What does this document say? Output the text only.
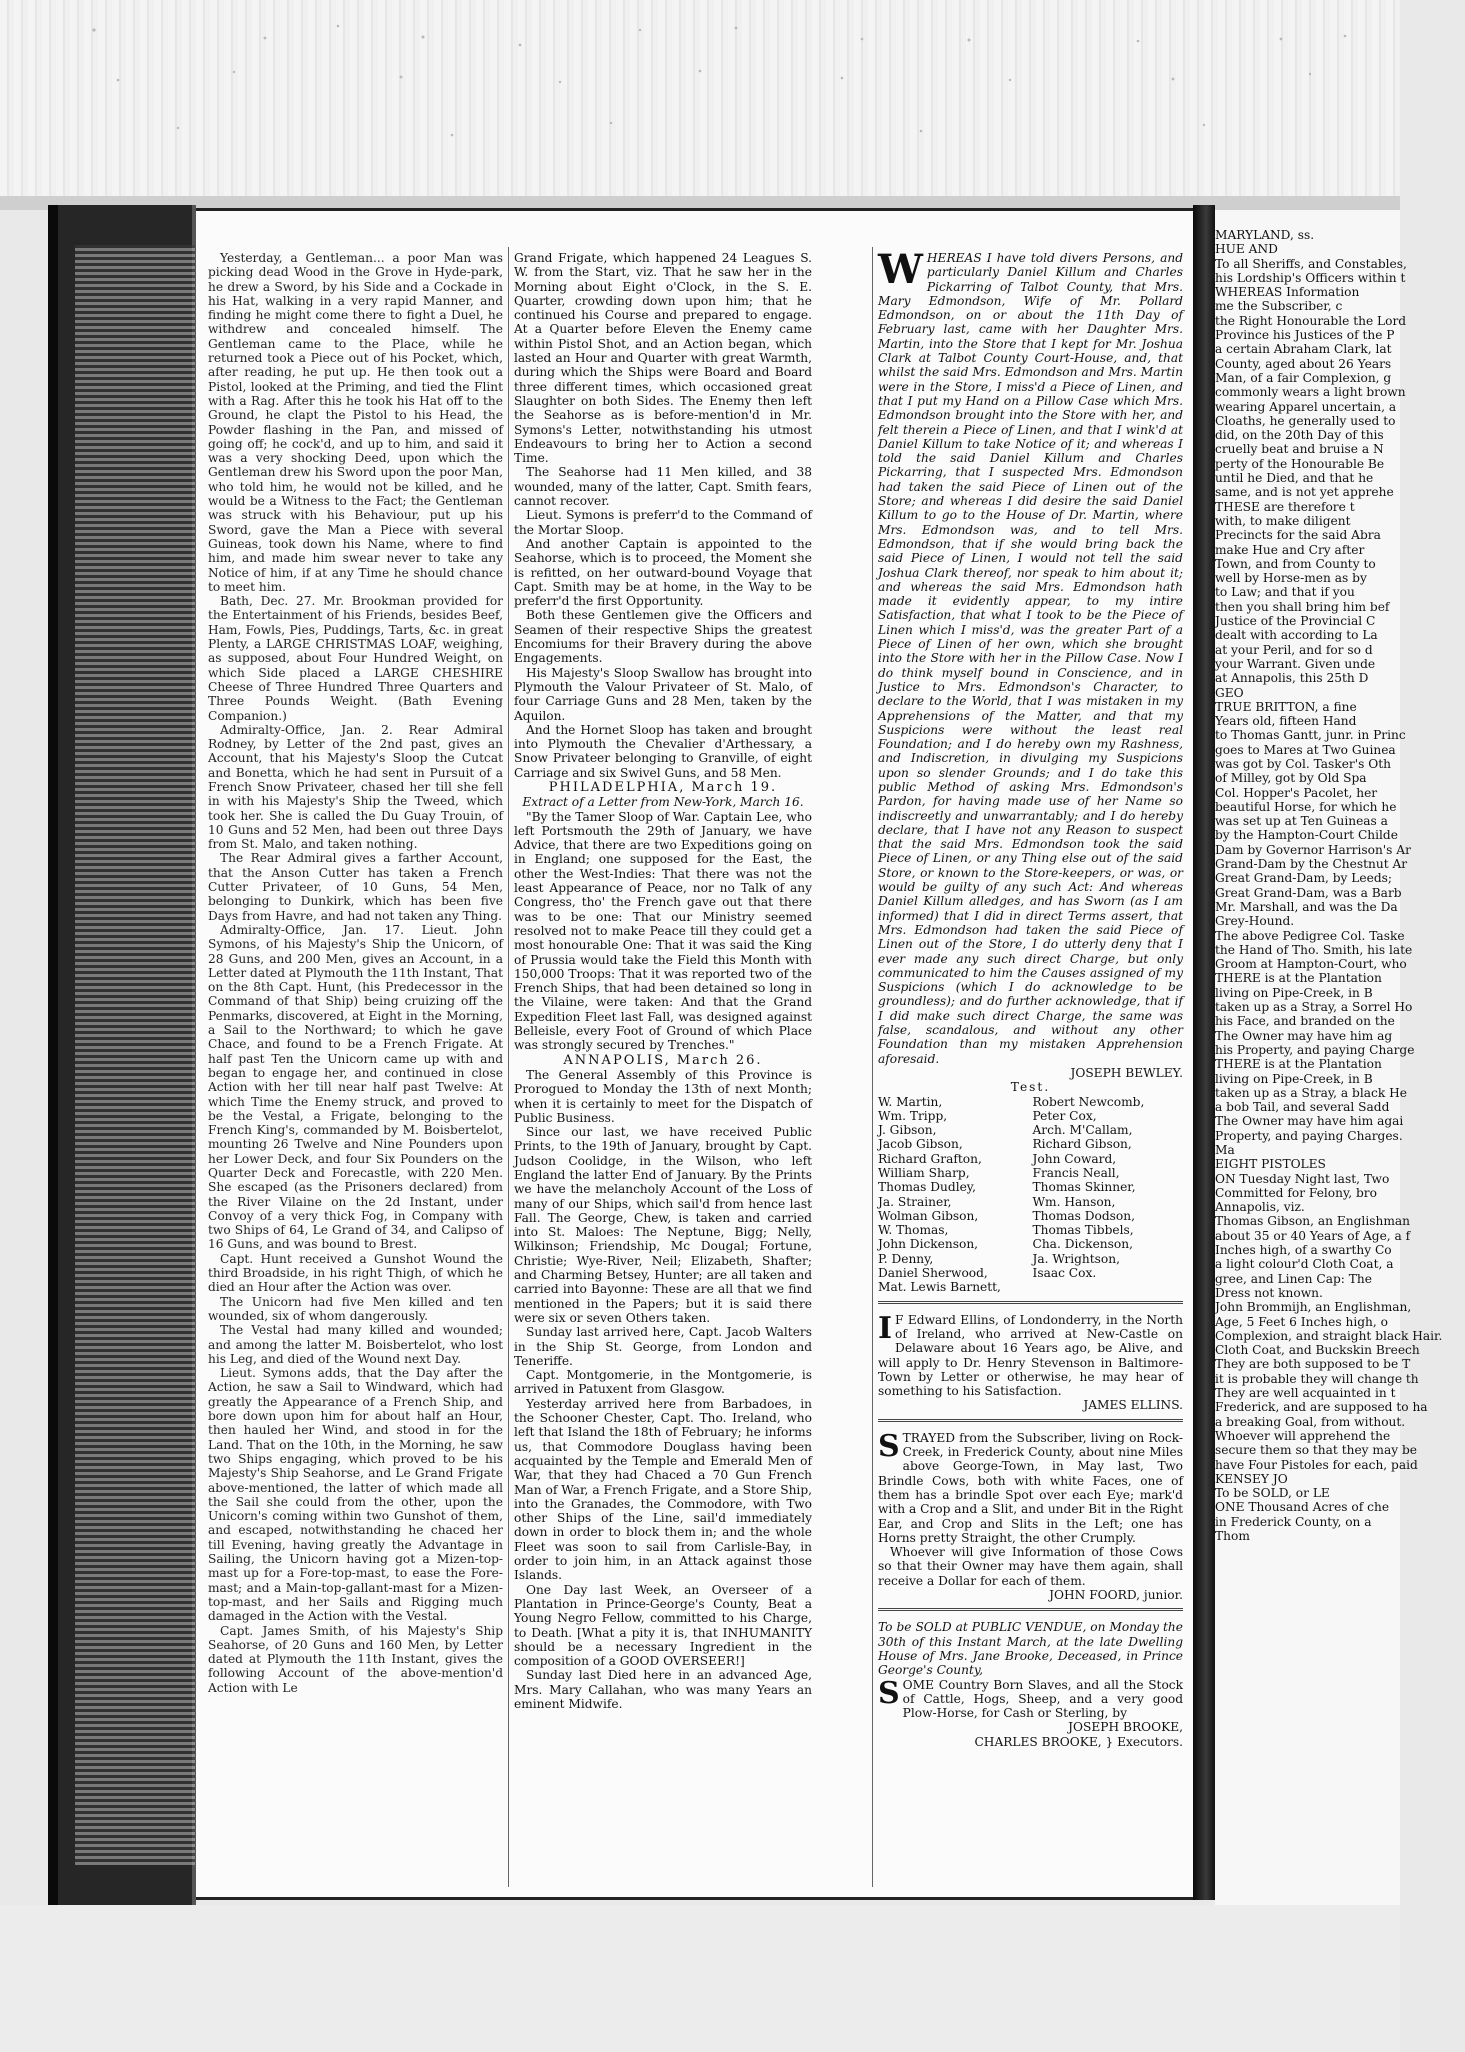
Yesterday, a Gentleman... a poor Man was picking dead Wood in the Grove in Hyde-park, he drew a Sword, by his Side and a Cockade in his Hat, walking in a very rapid Manner, and finding he might come there to fight a Duel, he withdrew and concealed himself. The Gentleman came to the Place, while he returned took a Piece out of his Pocket, which, after reading, he put up. He then took out a Pistol, looked at the Priming, and tied the Flint with a Rag. After this he took his Hat off to the Ground, he clapt the Pistol to his Head, the Powder flashing in the Pan, and missed of going off; he cock'd, and up to him, and said it was a very shocking Deed, upon which the Gentleman drew his Sword upon the poor Man, who told him, he would not be killed, and he would be a Witness to the Fact; the Gentleman was struck with his Behaviour, put up his Sword, gave the Man a Piece with several Guineas, took down his Name, where to find him, and made him swear never to take any Notice of him, if at any Time he should chance to meet him.

Bath, Dec. 27. Mr. Brookman provided for the Entertainment of his Friends, besides Beef, Ham, Fowls, Pies, Puddings, Tarts, &c. in great Plenty, a LARGE CHRISTMAS LOAF, weighing, as supposed, about Four Hundred Weight, on which Side placed a LARGE CHESHIRE Cheese of Three Hundred Three Quarters and Three Pounds Weight. (Bath Evening Companion.)

Admiralty-Office, Jan. 2. Rear Admiral Rodney, by Letter of the 2nd past, gives an Account, that his Majesty's Sloop the Cutcat and Bonetta, which he had sent in Pursuit of a French Snow Privateer, chased her till she fell in with his Majesty's Ship the Tweed, which took her. She is called the Du Guay Trouin, of 10 Guns and 52 Men, had been out three Days from St. Malo, and taken nothing.

The Rear Admiral gives a farther Account, that the Anson Cutter has taken a French Cutter Privateer, of 10 Guns, 54 Men, belonging to Dunkirk, which has been five Days from Havre, and had not taken any Thing.

Admiralty-Office, Jan. 17. Lieut. John Symons, of his Majesty's Ship the Unicorn, of 28 Guns, and 200 Men, gives an Account, in a Letter dated at Plymouth the 11th Instant, That on the 8th Capt. Hunt, (his Predecessor in the Command of that Ship) being cruizing off the Penmarks, discovered, at Eight in the Morning, a Sail to the Northward; to which he gave Chace, and found to be a French Frigate. At half past Ten the Unicorn came up with and began to engage her, and continued in close Action with her till near half past Twelve: At which Time the Enemy struck, and proved to be the Vestal, a Frigate, belonging to the French King's, commanded by M. Boisbertelot, mounting 26 Twelve and Nine Pounders upon her Lower Deck, and four Six Pounders on the Quarter Deck and Forecastle, with 220 Men. She escaped (as the Prisoners declared) from the River Vilaine on the 2d Instant, under Convoy of a very thick Fog, in Company with two Ships of 64, Le Grand of 34, and Calipso of 16 Guns, and was bound to Brest.

Capt. Hunt received a Gunshot Wound the third Broadside, in his right Thigh, of which he died an Hour after the Action was over.

The Unicorn had five Men killed and ten wounded, six of whom dangerously.

The Vestal had many killed and wounded; and among the latter M. Boisbertelot, who lost his Leg, and died of the Wound next Day.

Lieut. Symons adds, that the Day after the Action, he saw a Sail to Windward, which had greatly the Appearance of a French Ship, and bore down upon him for about half an Hour, then hauled her Wind, and stood in for the Land. That on the 10th, in the Morning, he saw two Ships engaging, which proved to be his Majesty's Ship Seahorse, and Le Grand Frigate above-mentioned, the latter of which made all the Sail she could from the other, upon the Unicorn's coming within two Gunshot of them, and escaped, notwithstanding he chaced her till Evening, having greatly the Advantage in Sailing, the Unicorn having got a Mizen-top-mast up for a Fore-top-mast, to ease the Fore-mast; and a Main-top-gallant-mast for a Mizen-top-mast, and her Sails and Rigging much damaged in the Action with the Vestal.

Capt. James Smith, of his Majesty's Ship Seahorse, of 20 Guns and 160 Men, by Letter dated at Plymouth the 11th Instant, gives the following Account of the above-mention'd Action with Le

Grand Frigate, which happened 24 Leagues S. W. from the Start, viz. That he saw her in the Morning about Eight o'Clock, in the S. E. Quarter, crowding down upon him; that he continued his Course and prepared to engage. At a Quarter before Eleven the Enemy came within Pistol Shot, and an Action began, which lasted an Hour and Quarter with great Warmth, during which the Ships were Board and Board three different times, which occasioned great Slaughter on both Sides. The Enemy then left the Seahorse as is before-mention'd in Mr. Symons's Letter, notwithstanding his utmost Endeavours to bring her to Action a second Time.

The Seahorse had 11 Men killed, and 38 wounded, many of the latter, Capt. Smith fears, cannot recover.

Lieut. Symons is preferr'd to the Command of the Mortar Sloop.

And another Captain is appointed to the Seahorse, which is to proceed, the Moment she is refitted, on her outward-bound Voyage that Capt. Smith may be at home, in the Way to be preferr'd the first Opportunity.

Both these Gentlemen give the Officers and Seamen of their respective Ships the greatest Encomiums for their Bravery during the above Engagements.

His Majesty's Sloop Swallow has brought into Plymouth the Valour Privateer of St. Malo, of four Carriage Guns and 28 Men, taken by the Aquilon.

And the Hornet Sloop has taken and brought into Plymouth the Chevalier d'Arthessary, a Snow Privateer belonging to Granville, of eight Carriage and six Swivel Guns, and 58 Men.

PHILADELPHIA, March 19.

Extract of a Letter from New-York, March 16.

"By the Tamer Sloop of War. Captain Lee, who left Portsmouth the 29th of January, we have Advice, that there are two Expeditions going on in England; one supposed for the East, the other the West-Indies: That there was not the least Appearance of Peace, nor no Talk of any Congress, tho' the French gave out that there was to be one: That our Ministry seemed resolved not to make Peace till they could get a most honourable One: That it was said the King of Prussia would take the Field this Month with 150,000 Troops: That it was reported two of the French Ships, that had been detained so long in the Vilaine, were taken: And that the Grand Expedition Fleet last Fall, was designed against Belleisle, every Foot of Ground of which Place was strongly secured by Trenches."

ANNAPOLIS, March 26.

The General Assembly of this Province is Prorogued to Monday the 13th of next Month; when it is certainly to meet for the Dispatch of Public Business.

Since our last, we have received Public Prints, to the 19th of January, brought by Capt. Judson Coolidge, in the Wilson, who left England the latter End of January. By the Prints we have the melancholy Account of the Loss of many of our Ships, which sail'd from hence last Fall. The George, Chew, is taken and carried into St. Maloes: The Neptune, Bigg; Nelly, Wilkinson; Friendship, Mc Dougal; Fortune, Christie; Wye-River, Neil; Elizabeth, Shafter; and Charming Betsey, Hunter; are all taken and carried into Bayonne: These are all that we find mentioned in the Papers; but it is said there were six or seven Others taken.

Sunday last arrived here, Capt. Jacob Walters in the Ship St. George, from London and Teneriffe.

Capt. Montgomerie, in the Montgomerie, is arrived in Patuxent from Glasgow.

Yesterday arrived here from Barbadoes, in the Schooner Chester, Capt. Tho. Ireland, who left that Island the 18th of February; he informs us, that Commodore Douglass having been acquainted by the Temple and Emerald Men of War, that they had Chaced a 70 Gun French Man of War, a French Frigate, and a Store Ship, into the Granades, the Commodore, with Two other Ships of the Line, sail'd immediately down in order to block them in; and the whole Fleet was soon to sail from Carlisle-Bay, in order to join him, in an Attack against those Islands.

One Day last Week, an Overseer of a Plantation in Prince-George's County, Beat a Young Negro Fellow, committed to his Charge, to Death. [What a pity it is, that INHUMANITY should be a necessary Ingredient in the composition of a GOOD OVERSEER!]

Sunday last Died here in an advanced Age, Mrs. Mary Callahan, who was many Years an eminent Midwife.

WHEREAS I have told divers Persons, and particularly Daniel Killum and Charles Pickarring of Talbot County, that Mrs. Mary Edmondson, Wife of Mr. Pollard Edmondson, on or about the 11th Day of February last, came with her Daughter Mrs. Martin, into the Store that I kept for Mr. Joshua Clark at Talbot County Court-House, and, that whilst the said Mrs. Edmondson and Mrs. Martin were in the Store, I miss'd a Piece of Linen, and that I put my Hand on a Pillow Case which Mrs. Edmondson brought into the Store with her, and felt therein a Piece of Linen, and that I wink'd at Daniel Killum to take Notice of it; and whereas I told the said Daniel Killum and Charles Pickarring, that I suspected Mrs. Edmondson had taken the said Piece of Linen out of the Store; and whereas I did desire the said Daniel Killum to go to the House of Dr. Martin, where Mrs. Edmondson was, and to tell Mrs. Edmondson, that if she would bring back the said Piece of Linen, I would not tell the said Joshua Clark thereof, nor speak to him about it; and whereas the said Mrs. Edmondson hath made it evidently appear, to my intire Satisfaction, that what I took to be the Piece of Linen which I miss'd, was the greater Part of a Piece of Linen of her own, which she brought into the Store with her in the Pillow Case. Now I do think myself bound in Conscience, and in Justice to Mrs. Edmondson's Character, to declare to the World, that I was mistaken in my Apprehensions of the Matter, and that my Suspicions were without the least real Foundation; and I do hereby own my Rashness, and Indiscretion, in divulging my Suspicions upon so slender Grounds; and I do take this public Method of asking Mrs. Edmondson's Pardon, for having made use of her Name so indiscreetly and unwarrantably; and I do hereby declare, that I have not any Reason to suspect that the said Mrs. Edmondson took the said Piece of Linen, or any Thing else out of the said Store, or known to the Store-keepers, or was, or would be guilty of any such Act: And whereas Daniel Killum alledges, and has Sworn (as I am informed) that I did in direct Terms assert, that Mrs. Edmondson had taken the said Piece of Linen out of the Store, I do utterly deny that I ever made any such direct Charge, but only communicated to him the Causes assigned of my Suspicions (which I do acknowledge to be groundless); and do further acknowledge, that if I did make such direct Charge, the same was false, scandalous, and without any other Foundation than my mistaken Apprehension aforesaid.

JOSEPH BEWLEY.

Test.

W. Martin,
Wm. Tripp,
J. Gibson,
Jacob Gibson,
Richard Grafton,
William Sharp,
Thomas Dudley,
Ja. Strainer,
Wolman Gibson,
W. Thomas,
John Dickenson,
P. Denny,
Daniel Sherwood,
Mat. Lewis Barnett,
Robert Newcomb,
Peter Cox,
Arch. M'Callam,
Richard Gibson,
John Coward,
Francis Neall,
Thomas Skinner,
Wm. Hanson,
Thomas Dodson,
Thomas Tibbels,
Cha. Dickenson,
Ja. Wrightson,
Isaac Cox.

I F Edward Ellins, of Londonderry, in the North of Ireland, who arrived at New-Castle on Delaware about 16 Years ago, be Alive, and will apply to Dr. Henry Stevenson in Baltimore-Town by Letter or otherwise, he may hear of something to his Satisfaction.

JAMES ELLINS.

STRAYED from the Subscriber, living on Rock-Creek, in Frederick County, about nine Miles above George-Town, in May last, Two Brindle Cows, both with white Faces, one of them has a brindle Spot over each Eye; mark'd with a Crop and a Slit, and under Bit in the Right Ear, and Crop and Slits in the Left; one has Horns pretty Straight, the other Crumply.

Whoever will give Information of those Cows so that their Owner may have them again, shall receive a Dollar for each of them.

JOHN FOORD, junior.

To be SOLD at PUBLIC VENDUE, on Monday the 30th of this Instant March, at the late Dwelling House of Mrs. Jane Brooke, Deceased, in Prince George's County,

SOME Country Born Slaves, and all the Stock of Cattle, Hogs, Sheep, and a very good Plow-Horse, for Cash or Sterling, by

JOSEPH BROOKE,

CHARLES BROOKE, } Executors.

MARYLAND, ss.

HUE AND

To all Sheriffs, and Constables,

his Lordship's Officers within t

WHEREAS Information

me the Subscriber, c

the Right Honourable the Lord

Province his Justices of the P

a certain Abraham Clark, lat

County, aged about 26 Years

Man, of a fair Complexion, g

commonly wears a light brown

wearing Apparel uncertain, a

Cloaths, he generally used to

did, on the 20th Day of this

cruelly beat and bruise a N

perty of the Honourable Be

until he Died, and that he

same, and is not yet apprehe

THESE are therefore t

with, to make diligent

Precincts for the said Abra

make Hue and Cry after

Town, and from County to

well by Horse-men as by

to Law; and that if you

then you shall bring him bef

Justice of the Provincial C

dealt with according to La

at your Peril, and for so d

your Warrant. Given unde

at Annapolis, this 25th D

GEO

TRUE BRITTON, a fine

Years old, fifteen Hand

to Thomas Gantt, junr. in Princ

goes to Mares at Two Guinea

was got by Col. Tasker's Oth

of Milley, got by Old Spa

Col. Hopper's Pacolet, her

beautiful Horse, for which he

was set up at Ten Guineas a

by the Hampton-Court Childe

Dam by Governor Harrison's Ar

Grand-Dam by the Chestnut Ar

Great Grand-Dam, by Leeds;

Great Grand-Dam, was a Barb

Mr. Marshall, and was the Da

Grey-Hound.

The above Pedigree Col. Taske

the Hand of Tho. Smith, his late

Groom at Hampton-Court, who

THERE is at the Plantation

living on Pipe-Creek, in B

taken up as a Stray, a Sorrel Ho

his Face, and branded on the

The Owner may have him ag

his Property, and paying Charge

THERE is at the Plantation

living on Pipe-Creek, in B

taken up as a Stray, a black He

a bob Tail, and several Sadd

The Owner may have him agai

Property, and paying Charges.

Ma

EIGHT PISTOLES

ON Tuesday Night last, Two

Committed for Felony, bro

Annapolis, viz.

Thomas Gibson, an Englishman

about 35 or 40 Years of Age, a f

Inches high, of a swarthy Co

a light colour'd Cloth Coat, a

gree, and Linen Cap: The

Dress not known.

John Brommijh, an Englishman,

Age, 5 Feet 6 Inches high, o

Complexion, and straight black Hair.

Cloth Coat, and Buckskin Breech

They are both supposed to be T

it is probable they will change th

They are well acquainted in t

Frederick, and are supposed to ha

a breaking Goal, from without.

Whoever will apprehend the

secure them so that they may be

have Four Pistoles for each, paid

KENSEY JO

To be SOLD, or LE

ONE Thousand Acres of che

in Frederick County, on a

Thom
